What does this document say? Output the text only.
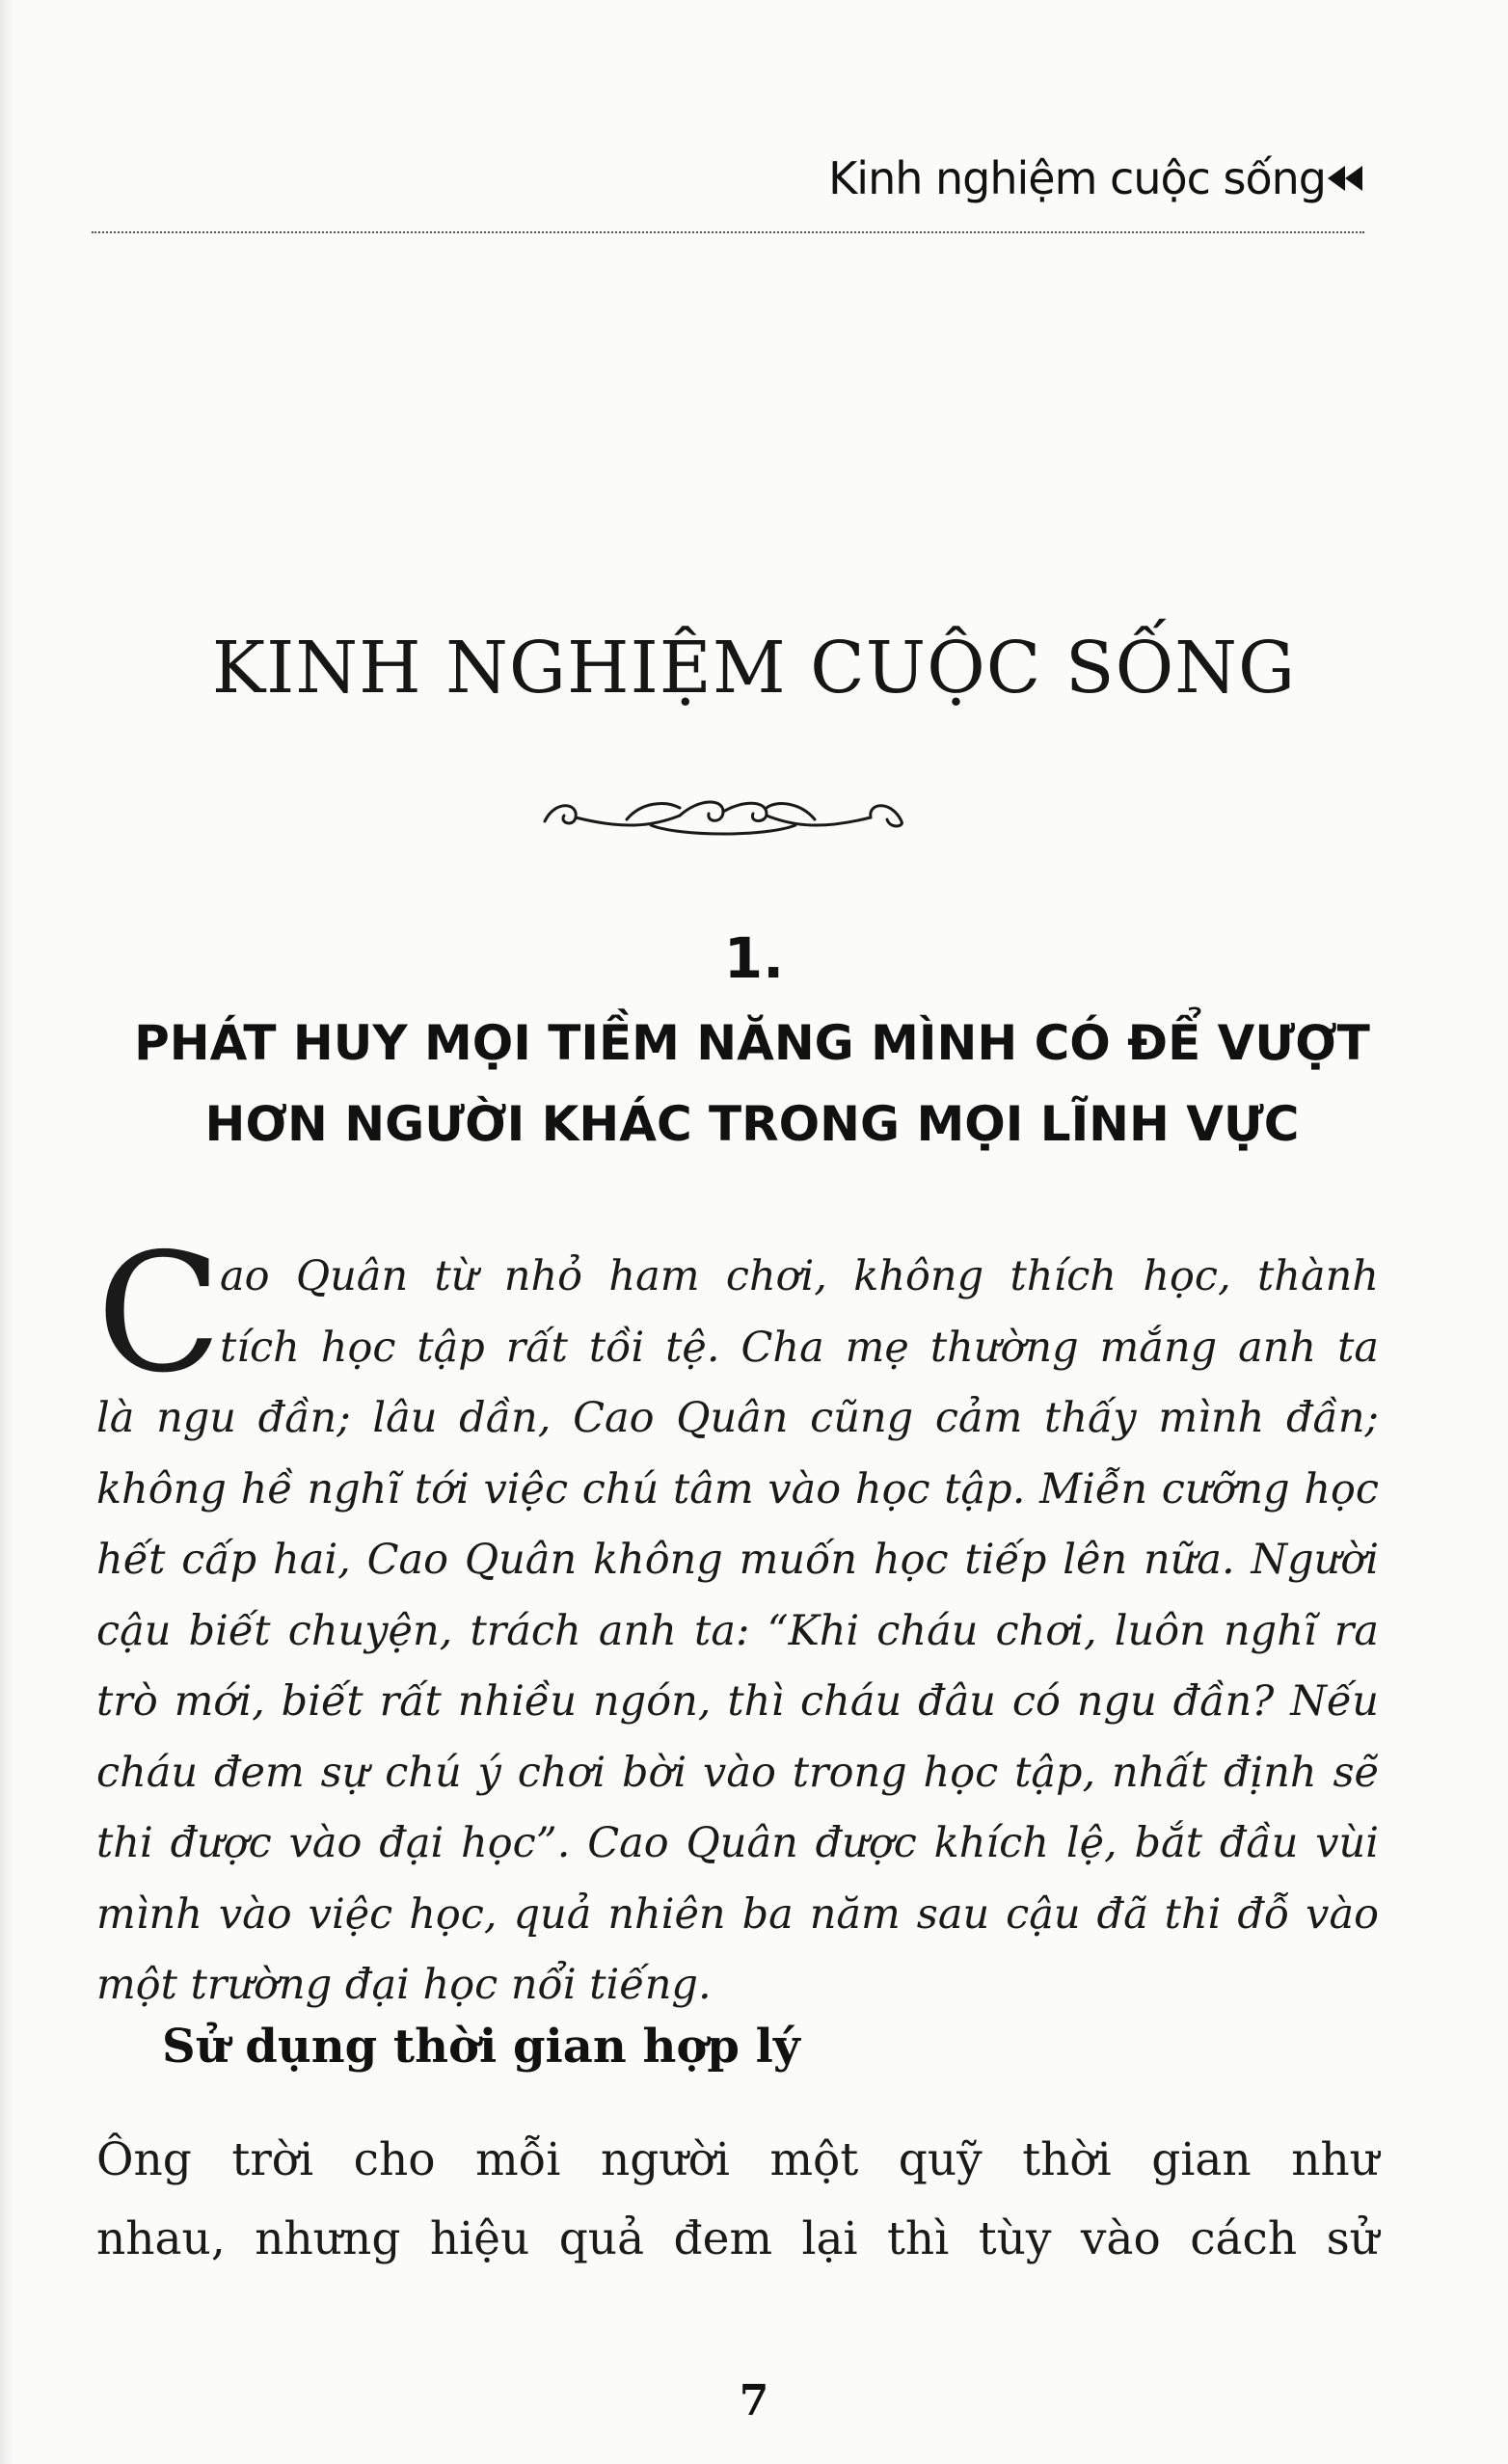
Kinh nghiệm cuộc sống
KINH NGHIỆM CUỘC SỐNG
1.
PHÁT HUY MỌI TIỀM NĂNG MÌNH CÓ ĐỂ VƯỢT
HƠN NGƯỜI KHÁC TRONG MỌI LĨNH VỰC
C
ao Quân từ nhỏ ham chơi, không thích học, thành
tích học tập rất tồi tệ. Cha mẹ thường mắng anh ta
là ngu đần; lâu dần, Cao Quân cũng cảm thấy mình đần;
không hề nghĩ tới việc chú tâm vào học tập. Miễn cưỡng học
hết cấp hai, Cao Quân không muốn học tiếp lên nữa. Người
cậu biết chuyện, trách anh ta: “Khi cháu chơi, luôn nghĩ ra
trò mới, biết rất nhiều ngón, thì cháu đâu có ngu đần? Nếu
cháu đem sự chú ý chơi bời vào trong học tập, nhất định sẽ
thi được vào đại học”. Cao Quân được khích lệ, bắt đầu vùi
mình vào việc học, quả nhiên ba năm sau cậu đã thi đỗ vào
một trường đại học nổi tiếng.
Sử dụng thời gian hợp lý
Ông trời cho mỗi người một quỹ thời gian như
nhau, nhưng hiệu quả đem lại thì tùy vào cách sử
7
